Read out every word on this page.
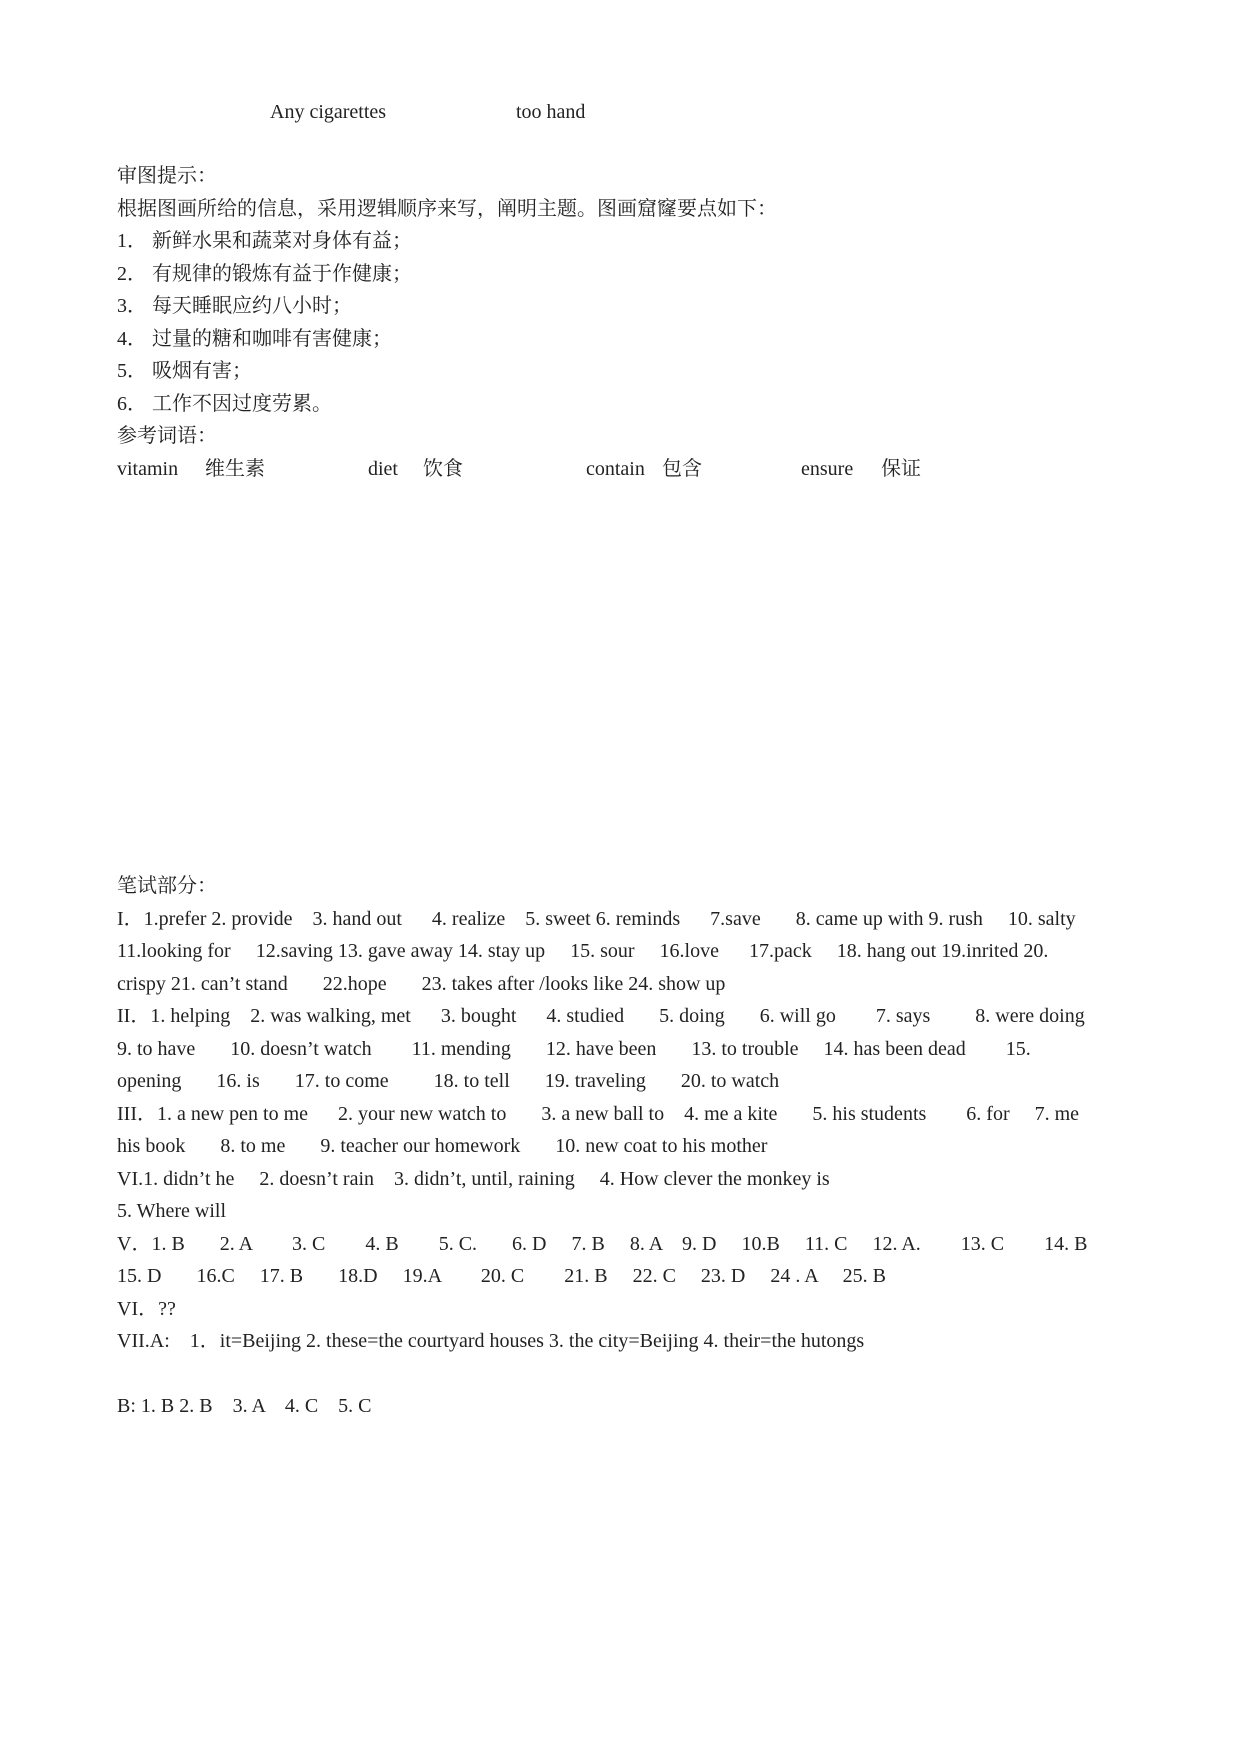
Any cigarettes	too hand
审图提示：
根据图画所给的信息，采用逻辑顺序来写，阐明主题。图画窟窿要点如下：
1． 新鲜水果和蔬菜对身体有益；
2． 有规律的锻炼有益于作健康；
3． 每天睡眠应约八小时；
4． 过量的糖和咖啡有害健康；
5． 吸烟有害；
6． 工作不因过度劳累。
参考词语：
vitamin 维生素	diet 饮食	contain 包含	ensure 保证
笔试部分：
I．1.prefer 2. provide    3. hand out      4. realize    5. sweet 6. reminds      7.save       8. came up with 9. rush     10. salty
11.looking for     12.saving 13. gave away 14. stay up     15. sour     16.love      17.pack     18. hang out 19.inrited 20.
crispy 21. can’t stand       22.hope       23. takes after /looks like 24. show up
II．1. helping    2. was walking, met      3. bought      4. studied       5. doing       6. will go        7. says         8. were doing
9. to have       10. doesn’t watch        11. mending       12. have been       13. to trouble     14. has been dead        15.
opening       16. is       17. to come         18. to tell       19. traveling       20. to watch
III．1. a new pen to me      2. your new watch to       3. a new ball to    4. me a kite       5. his students        6. for     7. me
his book       8. to me       9. teacher our homework       10. new coat to his mother
VI.1. didn’t he     2. doesn’t rain    3. didn’t, until, raining     4. How clever the monkey is
5. Where will
V．1. B       2. A        3. C        4. B        5. C.       6. D     7. B     8. A    9. D     10.B     11. C     12. A.        13. C        14. B
15. D       16.C     17. B       18.D     19.A        20. C        21. B     22. C     23. D     24 . A     25. B
VI．??
VII.A:    1．it=Beijing 2. these=the courtyard houses 3. the city=Beijing 4. their=the hutongs
B: 1. B 2. B    3. A    4. C    5. C
